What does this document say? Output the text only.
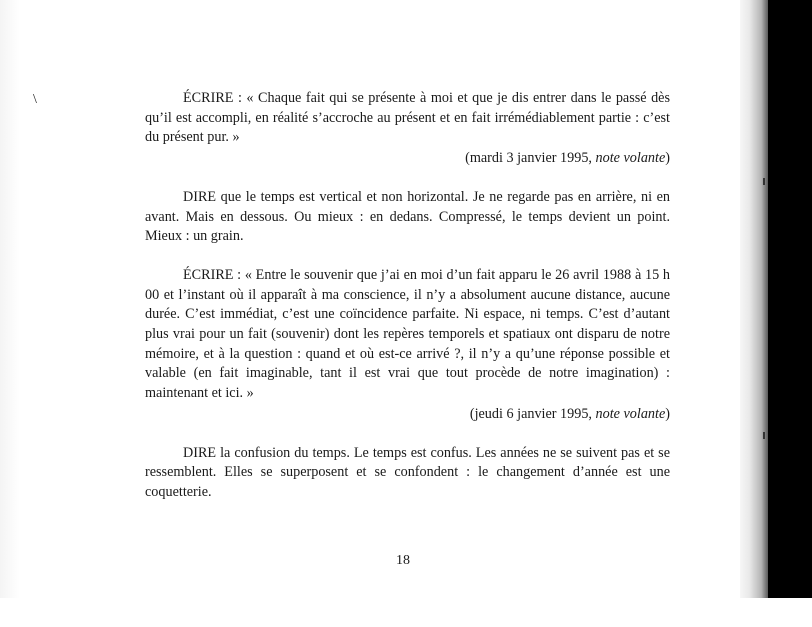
\	ÉCRIRE : « Chaque fait qui se présente à moi et que je dis entrer dans le passé dès qu’il est accompli, en réalité s’accroche au présent et en fait irrémédiablement partie : c’est du présent pur. »

(mardi 3 janvier 1995, note volante)

DIRE que le temps est vertical et non horizontal. Je ne regarde pas en arrière, ni en avant. Mais en dessous. Ou mieux : en dedans. Compressé, le temps devient un point. Mieux : un grain.

ÉCRIRE : « Entre le souvenir que j’ai en moi d’un fait apparu le 26 avril 1988 à 15 h 00 et l’instant où il apparaît à ma conscience, il n’y a absolument aucune distance, aucune durée. C’est immédiat, c’est une coïncidence parfaite. Ni espace, ni temps. C’est d’autant plus vrai pour un fait (souvenir) dont les repères temporels et spatiaux ont disparu de notre mémoire, et à la question : quand et où est-ce arrivé ?, il n’y a qu’une réponse possible et valable (en fait imaginable, tant il est vrai que tout procède de notre imagination) : maintenant et ici. »

(jeudi 6 janvier 1995, note volante)

DIRE la confusion du temps. Le temps est confus. Les années ne se suivent pas et se ressemblent. Elles se superposent et se confondent : le changement d’année est une coquetterie.

18
